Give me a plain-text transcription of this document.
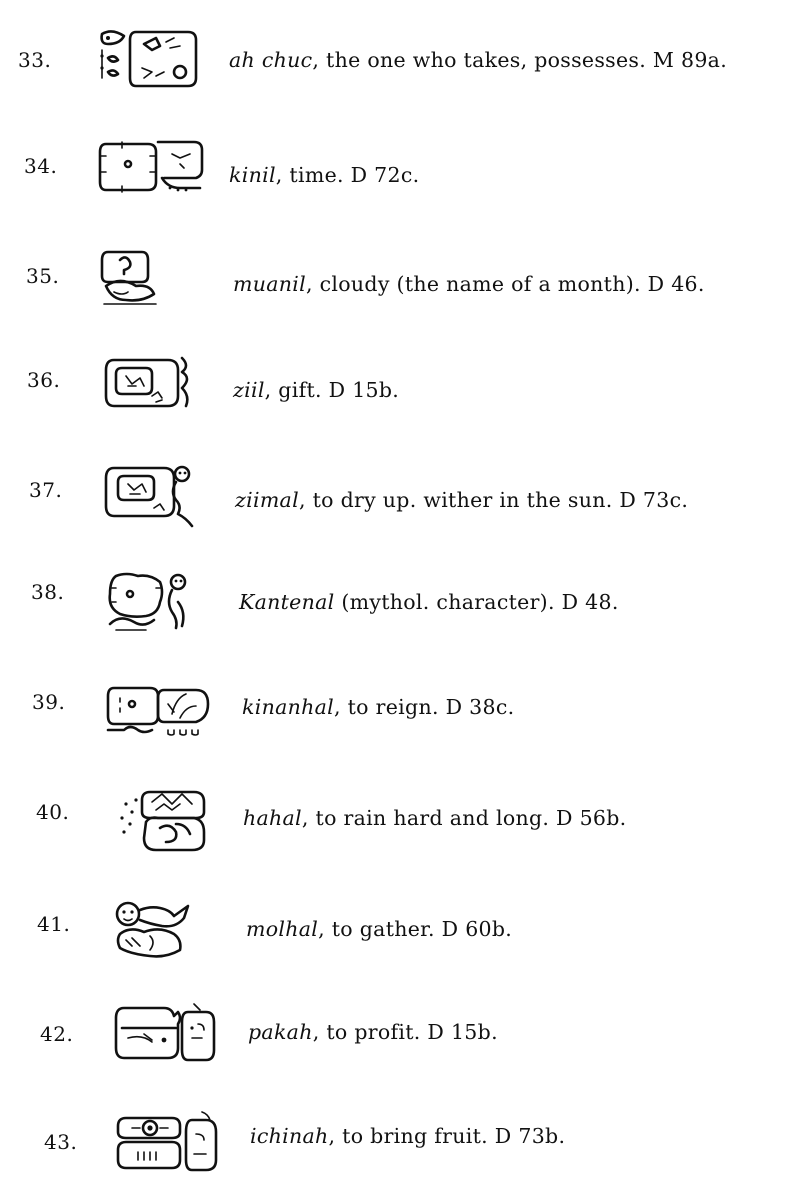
33.	ah chuc, the one who takes, possesses. M 89a.
34.	kinil, time. D 72c.
35.	muanil, cloudy (the name of a month). D 46.
36.	ziil, gift. D 15b.
37.	ziimal, to dry up. wither in the sun. D 73c.
38.	Kantenal (mythol. character). D 48.
39.	kinanhal, to reign. D 38c.
40.	hahal, to rain hard and long. D 56b.
41.	molhal, to gather. D 60b.
42.	pakah, to profit. D 15b.
43.	ichinah, to bring fruit. D 73b.
